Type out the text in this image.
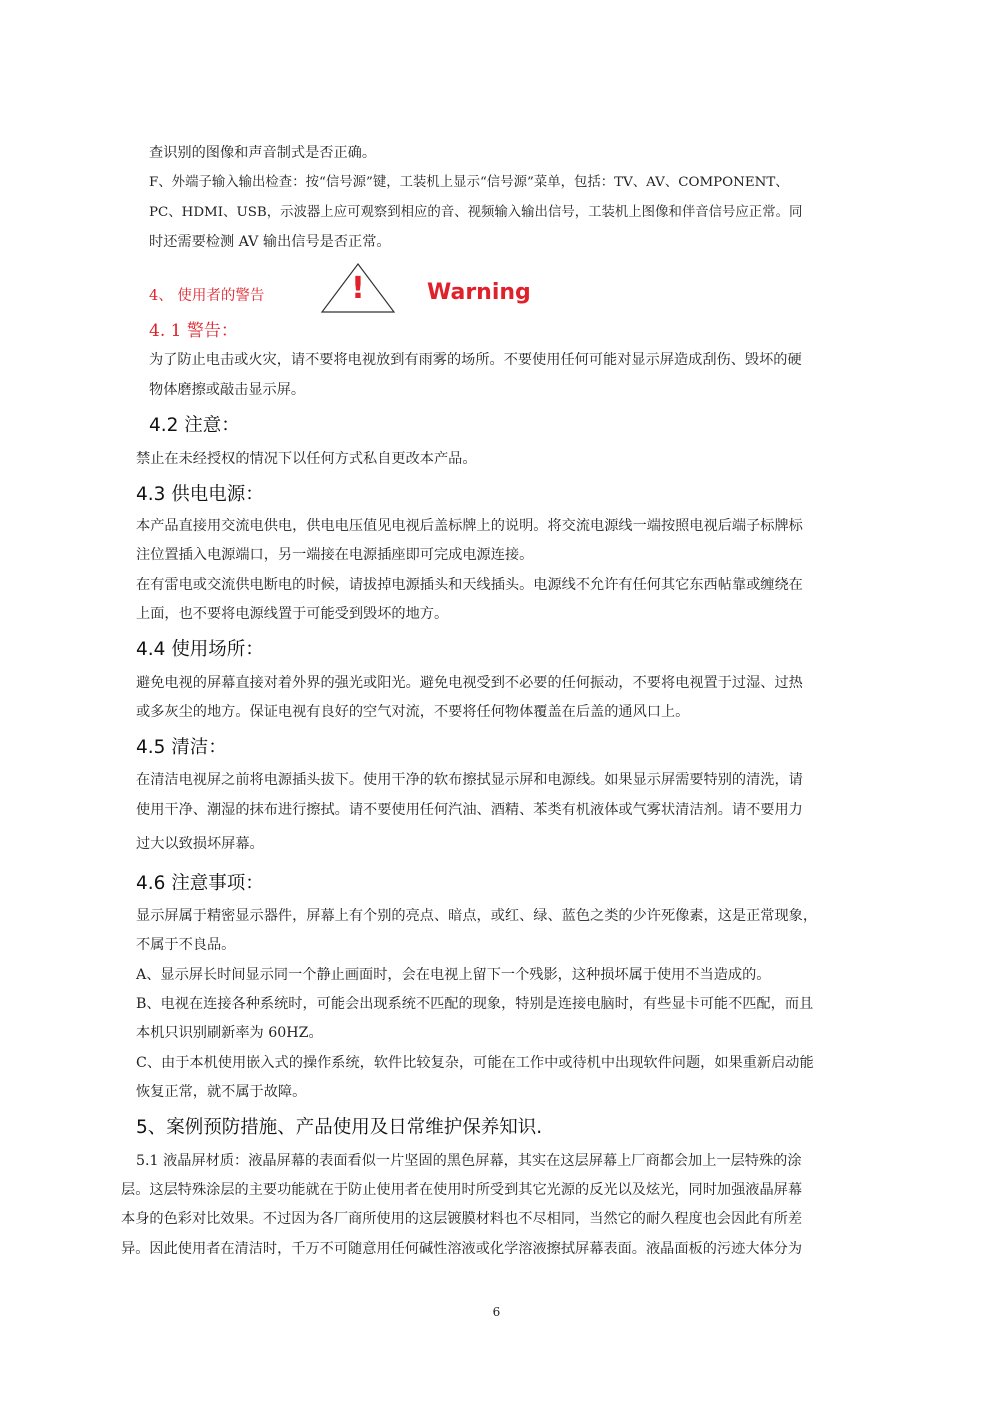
查识别的图像和声音制式是否正确。
F、外端子输入输出检查：按“信号源”键，工装机上显示“信号源”菜单，包括：TV、AV、COMPONENT、
PC、HDMI、USB，示波器上应可观察到相应的音、视频输入输出信号，工装机上图像和伴音信号应正常。同
时还需要检测 AV 输出信号是否正常。
4、 使用者的警告	!	Warning
4. 1 警告：
为了防止电击或火灾，请不要将电视放到有雨雾的场所。不要使用任何可能对显示屏造成刮伤、毁坏的硬
物体磨擦或敲击显示屏。
4.2 注意：
禁止在未经授权的情况下以任何方式私自更改本产品。
4.3 供电电源：
本产品直接用交流电供电，供电电压值见电视后盖标牌上的说明。将交流电源线一端按照电视后端子标牌标
注位置插入电源端口，另一端接在电源插座即可完成电源连接。
在有雷电或交流供电断电的时候，请拔掉电源插头和天线插头。电源线不允许有任何其它东西帖靠或缠绕在
上面，也不要将电源线置于可能受到毁坏的地方。
4.4 使用场所：
避免电视的屏幕直接对着外界的强光或阳光。避免电视受到不必要的任何振动，不要将电视置于过湿、过热
或多灰尘的地方。保证电视有良好的空气对流，不要将任何物体覆盖在后盖的通风口上。
4.5 清洁：
在清洁电视屏之前将电源插头拔下。使用干净的软布擦拭显示屏和电源线。如果显示屏需要特别的清洗，请
使用干净、潮湿的抹布进行擦拭。请不要使用任何汽油、酒精、苯类有机液体或气雾状清洁剂。请不要用力
过大以致损坏屏幕。
4.6 注意事项：
显示屏属于精密显示器件，屏幕上有个别的亮点、暗点，或红、绿、蓝色之类的少许死像素，这是正常现象，
不属于不良品。
A、显示屏长时间显示同一个静止画面时，会在电视上留下一个残影，这种损坏属于使用不当造成的。
B、电视在连接各种系统时，可能会出现系统不匹配的现象，特别是连接电脑时，有些显卡可能不匹配，而且
本机只识别刷新率为 60HZ。
C、由于本机使用嵌入式的操作系统，软件比较复杂，可能在工作中或待机中出现软件问题，如果重新启动能
恢复正常，就不属于故障。
5、案例预防措施、产品使用及日常维护保养知识.
5.1 液晶屏材质：液晶屏幕的表面看似一片坚固的黑色屏幕，其实在这层屏幕上厂商都会加上一层特殊的涂
层。这层特殊涂层的主要功能就在于防止使用者在使用时所受到其它光源的反光以及炫光，同时加强液晶屏幕
本身的色彩对比效果。不过因为各厂商所使用的这层镀膜材料也不尽相同，当然它的耐久程度也会因此有所差
异。因此使用者在清洁时，千万不可随意用任何碱性溶液或化学溶液擦拭屏幕表面。液晶面板的污迹大体分为
6
